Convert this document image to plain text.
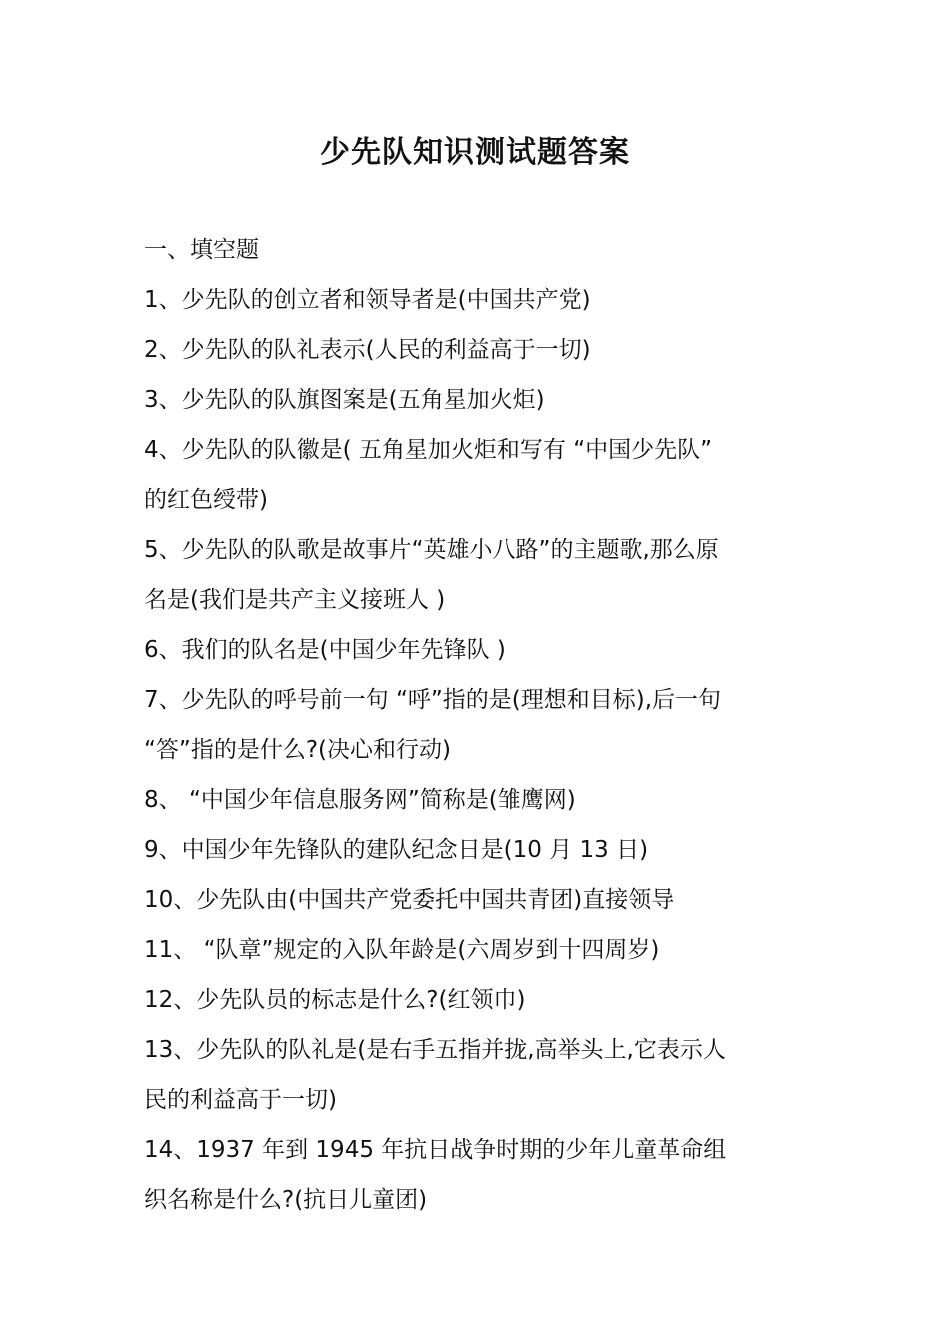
少先队知识测试题答案
一、填空题
1、少先队的创立者和领导者是(中国共产党)
2、少先队的队礼表示(人民的利益高于一切)
3、少先队的队旗图案是(五角星加火炬)
4、少先队的队徽是( 五角星加火炬和写有 “中国少先队”
的红色绶带)
5、少先队的队歌是故事片“英雄小八路”的主题歌,那么原
名是(我们是共产主义接班人 )
6、我们的队名是(中国少年先锋队 )
7、少先队的呼号前一句 “呼”指的是(理想和目标),后一句
“答”指的是什么?(决心和行动)
8、 “中国少年信息服务网”简称是(雏鹰网)
9、中国少年先锋队的建队纪念日是(10 月 13 日)
10、少先队由(中国共产党委托中国共青团)直接领导
11、 “队章”规定的入队年龄是(六周岁到十四周岁)
12、少先队员的标志是什么?(红领巾)
13、少先队的队礼是(是右手五指并拢,高举头上,它表示人
民的利益高于一切)
14、1937 年到 1945 年抗日战争时期的少年儿童革命组
织名称是什么?(抗日儿童团)
